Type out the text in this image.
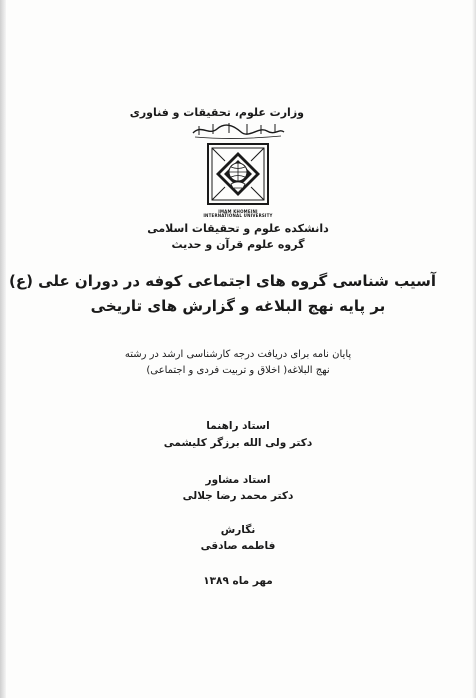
وزارت علوم، تحقیقات و فناوری
IMAM KHOMEINI
INTERNATIONAL UNIVERSITY
دانشکده علوم و تحقیقات اسلامی
گروه علوم قرآن و حدیث
آسیب شناسی گروه های اجتماعی کوفه در دوران علی (ع)
بر پایه نهج البلاغه و گزارش های تاریخی
پایان نامه برای دریافت درجه کارشناسی ارشد در رشته
نهج البلاغه( اخلاق و تربیت فردی و اجتماعی)
استاد راهنما
دکتر ولی الله برزگر کلیشمی
استاد مشاور
دکتر محمد رضا جلالی
نگارش
فاطمه صادقی
مهر ماه ۱۳۸۹
